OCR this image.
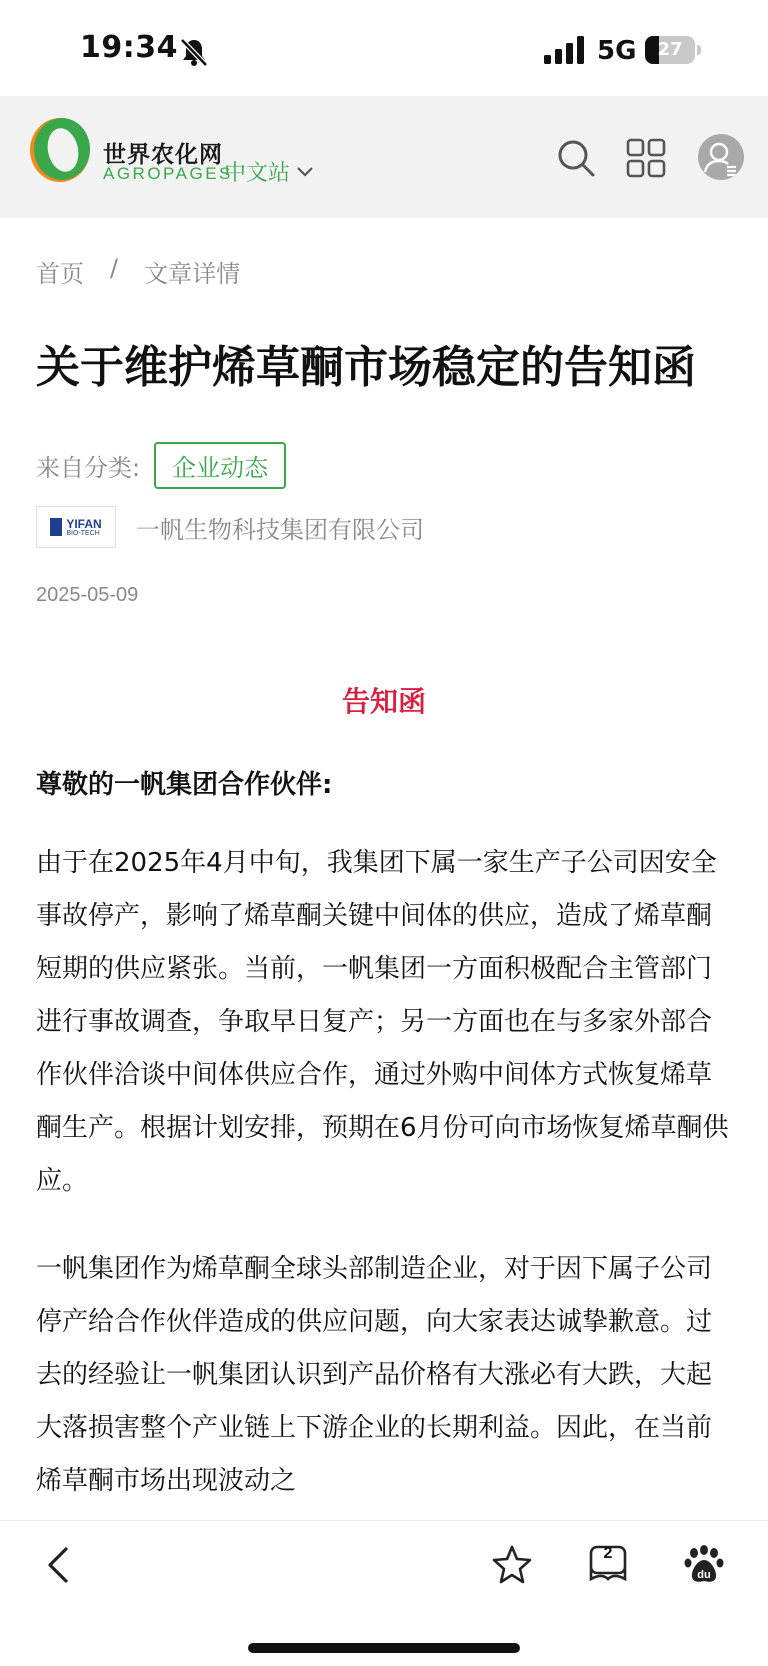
19:34	5G	27
世界农化网
AGROPAGES
中文站
首页 / 文章详情
关于维护烯草酮市场稳定的告知函
来自分类:	企业动态
YIFAN
BIO-TECH 一帆生物科技集团有限公司
2025-05-09
告知函
尊敬的一帆集团合作伙伴:

由于在2025年4月中旬，我集团下属一家生产子公司因安全事故停产，影响了烯草酮关键中间体的供应，造成了烯草酮短期的供应紧张。当前，一帆集团一方面积极配合主管部门进行事故调查，争取早日复产；另一方面也在与多家外部合作伙伴洽谈中间体供应合作，通过外购中间体方式恢复烯草酮生产。根据计划安排，预期在6月份可向市场恢复烯草酮供应。

一帆集团作为烯草酮全球头部制造企业，对于因下属子公司停产给合作伙伴造成的供应问题，向大家表达诚挚歉意。过去的经验让一帆集团认识到产品价格有大涨必有大跌，大起大落损害整个产业链上下游企业的长期利益。因此，在当前烯草酮市场出现波动之

2
du
